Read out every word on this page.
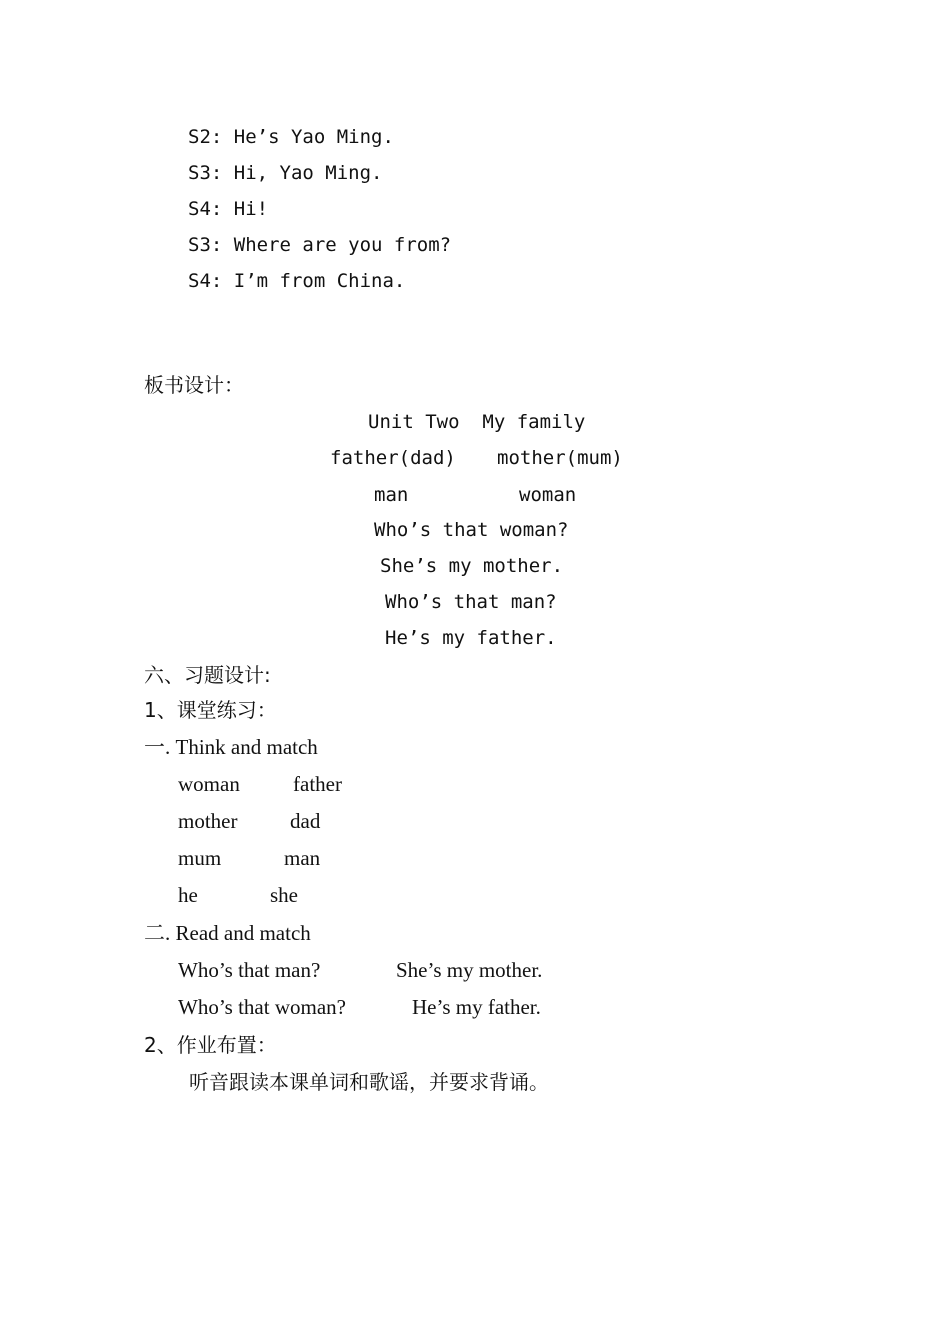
S2: He’s Yao Ming.
S3: Hi, Yao Ming.
S4: Hi!
S3: Where are you from?
S4: I’m from China.
板书设计：
Unit Two  My family
father(dad) mother(mum)
man	woman
Who’s that woman?
She’s my mother.
Who’s that man?
He’s my father.
六、习题设计:
1、课堂练习：
一. Think and match
woman	father
mother	dad
mum	man
he	she
二. Read and match
Who’s that man?	She’s my mother.
Who’s that woman?	He’s my father.
2、作业布置：
听音跟读本课单词和歌谣，并要求背诵。
